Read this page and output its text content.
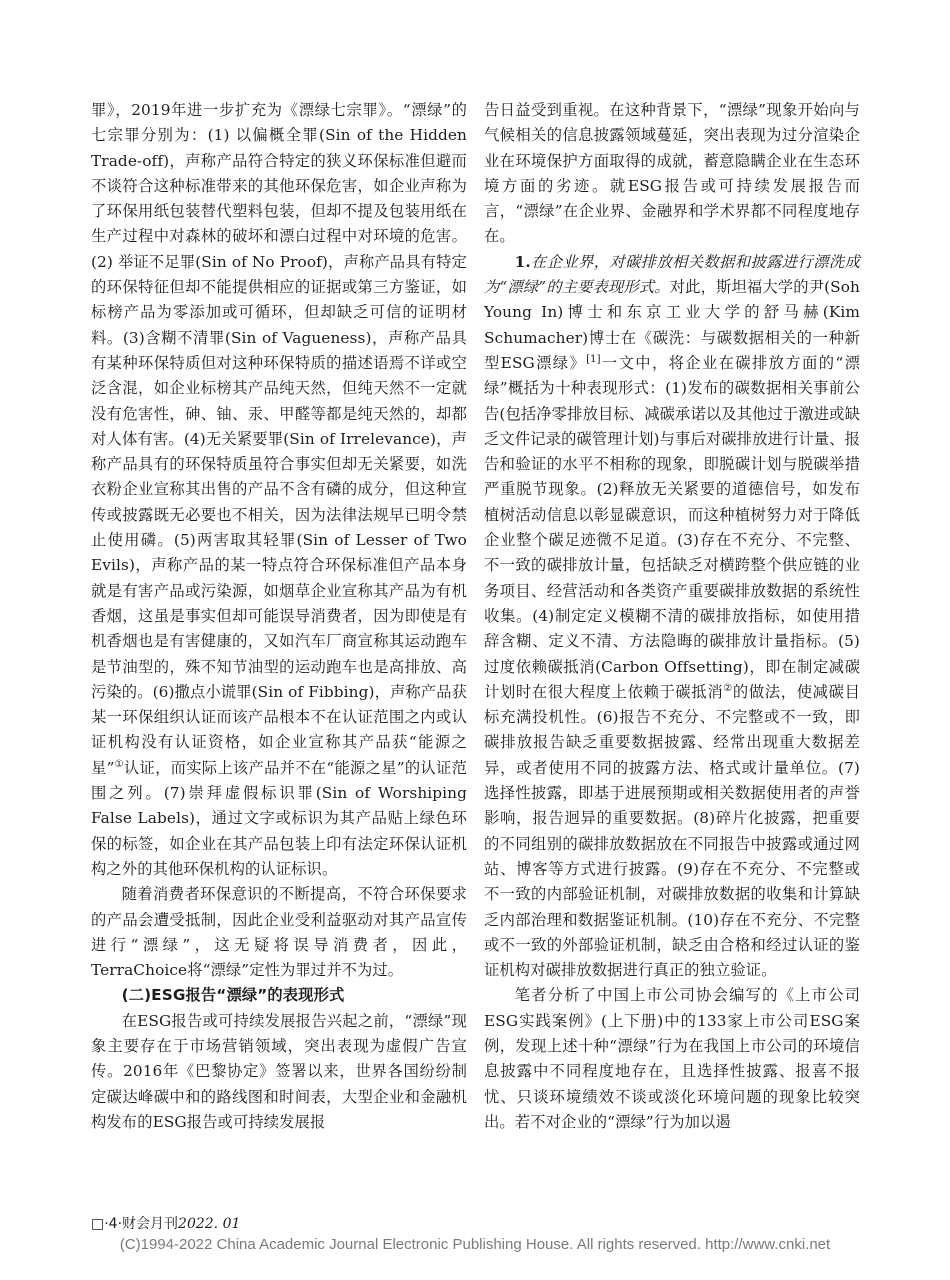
罪》，2019年进一步扩充为《漂绿七宗罪》。“漂绿”的七宗罪分别为：(1) 以偏概全罪(Sin of the Hidden Trade-off)，声称产品符合特定的狭义环保标准但避而不谈符合这种标准带来的其他环保危害，如企业声称为了环保用纸包装替代塑料包装，但却不提及包装用纸在生产过程中对森林的破坏和漂白过程中对环境的危害。(2) 举证不足罪(Sin of No Proof)，声称产品具有特定的环保特征但却不能提供相应的证据或第三方鉴证，如标榜产品为零添加或可循环，但却缺乏可信的证明材料。(3)含糊不清罪(Sin of Vagueness)，声称产品具有某种环保特质但对这种环保特质的描述语焉不详或空泛含混，如企业标榜其产品纯天然，但纯天然不一定就没有危害性，砷、铀、汞、甲醛等都是纯天然的，却都对人体有害。(4)无关紧要罪(Sin of Irrelevance)，声称产品具有的环保特质虽符合事实但却无关紧要，如洗衣粉企业宣称其出售的产品不含有磷的成分，但这种宣传或披露既无必要也不相关，因为法律法规早已明令禁止使用磷。(5)两害取其轻罪(Sin of Lesser of Two Evils)，声称产品的某一特点符合环保标准但产品本身就是有害产品或污染源，如烟草企业宣称其产品为有机香烟，这虽是事实但却可能误导消费者，因为即使是有机香烟也是有害健康的，又如汽车厂商宣称其运动跑车是节油型的，殊不知节油型的运动跑车也是高排放、高污染的。(6)撒点小谎罪(Sin of Fibbing)，声称产品获某一环保组织认证而该产品根本不在认证范围之内或认证机构没有认证资格，如企业宣称其产品获“能源之星”①认证，而实际上该产品并不在“能源之星”的认证范围之列。(7)崇拜虚假标识罪(Sin of Worshiping False Labels)，通过文字或标识为其产品贴上绿色环保的标签，如企业在其产品包装上印有法定环保认证机构之外的其他环保机构的认证标识。

随着消费者环保意识的不断提高，不符合环保要求的产品会遭受抵制，因此企业受利益驱动对其产品宣传进行“漂绿”，这无疑将误导消费者，因此，TerraChoice将“漂绿”定性为罪过并不为过。

(二)ESG报告“漂绿”的表现形式

在ESG报告或可持续发展报告兴起之前，“漂绿”现象主要存在于市场营销领域，突出表现为虚假广告宣传。2016年《巴黎协定》签署以来，世界各国纷纷制定碳达峰碳中和的路线图和时间表，大型企业和金融机构发布的ESG报告或可持续发展报

告日益受到重视。在这种背景下，“漂绿”现象开始向与气候相关的信息披露领域蔓延，突出表现为过分渲染企业在环境保护方面取得的成就，蓄意隐瞒企业在生态环境方面的劣迹。就ESG报告或可持续发展报告而言，“漂绿”在企业界、金融界和学术界都不同程度地存在。

1.在企业界，对碳排放相关数据和披露进行漂洗成为“漂绿”的主要表现形式。对此，斯坦福大学的尹(Soh Young In)博士和东京工业大学的舒马赫(Kim Schumacher)博士在《碳洗：与碳数据相关的一种新型ESG漂绿》[1]一文中，将企业在碳排放方面的“漂绿”概括为十种表现形式：(1)发布的碳数据相关事前公告(包括净零排放目标、减碳承诺以及其他过于激进或缺乏文件记录的碳管理计划)与事后对碳排放进行计量、报告和验证的水平不相称的现象，即脱碳计划与脱碳举措严重脱节现象。(2)释放无关紧要的道德信号，如发布植树活动信息以彰显碳意识，而这种植树努力对于降低企业整个碳足迹微不足道。(3)存在不充分、不完整、不一致的碳排放计量，包括缺乏对横跨整个供应链的业务项目、经营活动和各类资产重要碳排放数据的系统性收集。(4)制定定义模糊不清的碳排放指标，如使用措辞含糊、定义不清、方法隐晦的碳排放计量指标。(5)过度依赖碳抵消(Carbon Offsetting)，即在制定减碳计划时在很大程度上依赖于碳抵消②的做法，使减碳目标充满投机性。(6)报告不充分、不完整或不一致，即碳排放报告缺乏重要数据披露、经常出现重大数据差异，或者使用不同的披露方法、格式或计量单位。(7)选择性披露，即基于进展预期或相关数据使用者的声誉影响，报告迥异的重要数据。(8)碎片化披露，把重要的不同组别的碳排放数据放在不同报告中披露或通过网站、博客等方式进行披露。(9)存在不充分、不完整或不一致的内部验证机制，对碳排放数据的收集和计算缺乏内部治理和数据鉴证机制。(10)存在不充分、不完整或不一致的外部验证机制，缺乏由合格和经过认证的鉴证机构对碳排放数据进行真正的独立验证。

笔者分析了中国上市公司协会编写的《上市公司ESG实践案例》(上下册)中的133家上市公司ESG案例，发现上述十种“漂绿”行为在我国上市公司的环境信息披露中不同程度地存在，且选择性披露、报喜不报忧、只谈环境绩效不谈或淡化环境问题的现象比较突出。若不对企业的“漂绿”行为加以遏

□·4·财会月刊2022. 01
(C)1994-2022 China Academic Journal Electronic Publishing House. All rights reserved. http://www.cnki.net
